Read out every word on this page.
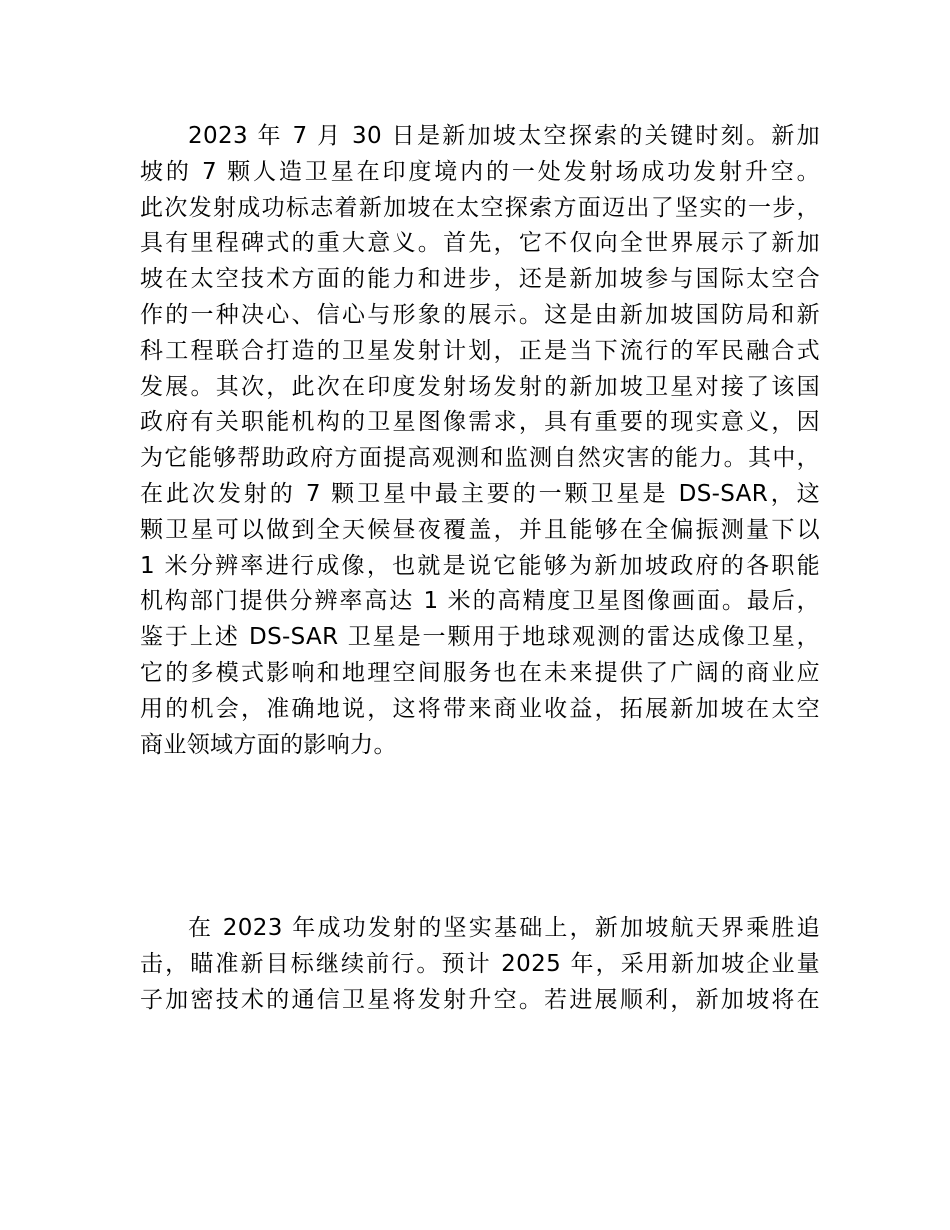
2023 年 7 月 30 日是新加坡太空探索的关键时刻。新加
坡的 7 颗人造卫星在印度境内的一处发射场成功发射升空。
此次发射成功标志着新加坡在太空探索方面迈出了坚实的一步，
具有里程碑式的重大意义。首先，它不仅向全世界展示了新加
坡在太空技术方面的能力和进步，还是新加坡参与国际太空合
作的一种决心、信心与形象的展示。这是由新加坡国防局和新
科工程联合打造的卫星发射计划，正是当下流行的军民融合式
发展。其次，此次在印度发射场发射的新加坡卫星对接了该国
政府有关职能机构的卫星图像需求，具有重要的现实意义，因
为它能够帮助政府方面提高观测和监测自然灾害的能力。其中，
在此次发射的 7 颗卫星中最主要的一颗卫星是 DS-SAR，这
颗卫星可以做到全天候昼夜覆盖，并且能够在全偏振测量下以
1 米分辨率进行成像，也就是说它能够为新加坡政府的各职能
机构部门提供分辨率高达 1 米的高精度卫星图像画面。最后，
鉴于上述 DS-SAR 卫星是一颗用于地球观测的雷达成像卫星，
它的多模式影响和地理空间服务也在未来提供了广阔的商业应
用的机会，准确地说，这将带来商业收益，拓展新加坡在太空
商业领域方面的影响力。
在 2023 年成功发射的坚实基础上，新加坡航天界乘胜追
击，瞄准新目标继续前行。预计 2025 年，采用新加坡企业量
子加密技术的通信卫星将发射升空。若进展顺利，新加坡将在
